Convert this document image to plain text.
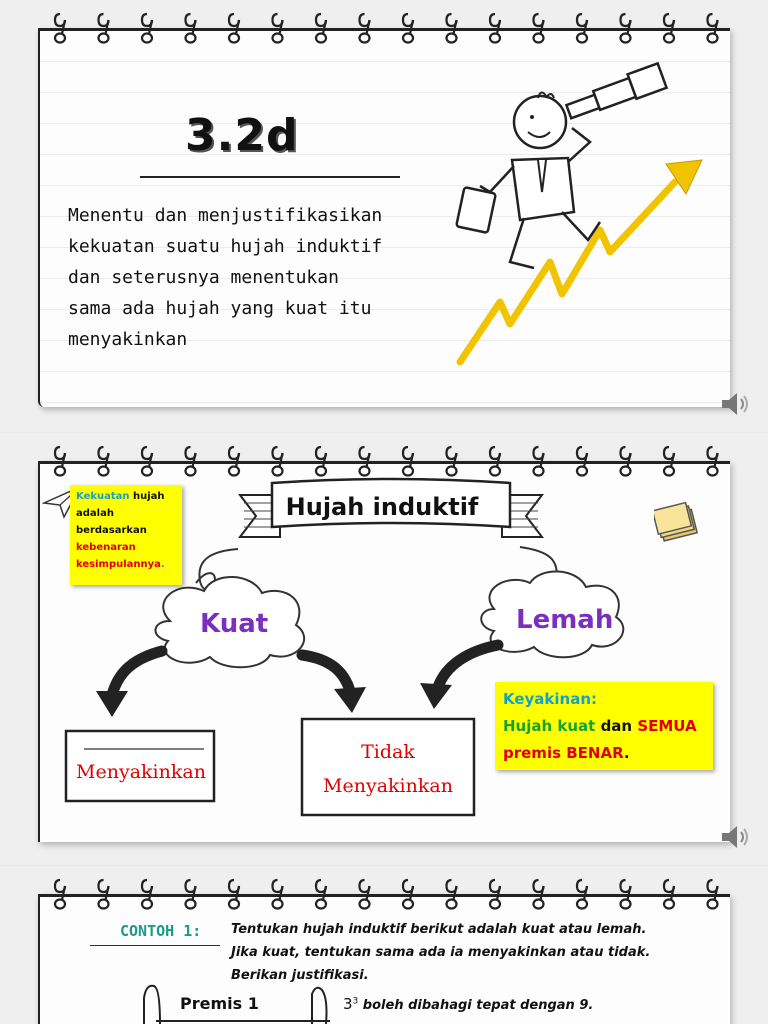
3.2d
Menentu dan menjustifikasikan
kekuatan suatu hujah induktif
dan seterusnya menentukan
sama ada hujah yang kuat itu
menyakinkan
Hujah induktif
Kekuatan hujah
adalah
berdasarkan
kebenaran
kesimpulannya.
Kuat	Lemah
Menyakinkan
Tidak
Menyakinkan
Keyakinan:
Hujah kuat dan SEMUA
premis BENAR.
CONTOH 1: Tentukan hujah induktif berikut adalah kuat atau lemah.
Jika kuat, tentukan sama ada ia menyakinkan atau tidak.
Berikan justifikasi.
Premis 1	$3^3$ boleh dibahagi tepat dengan 9.
